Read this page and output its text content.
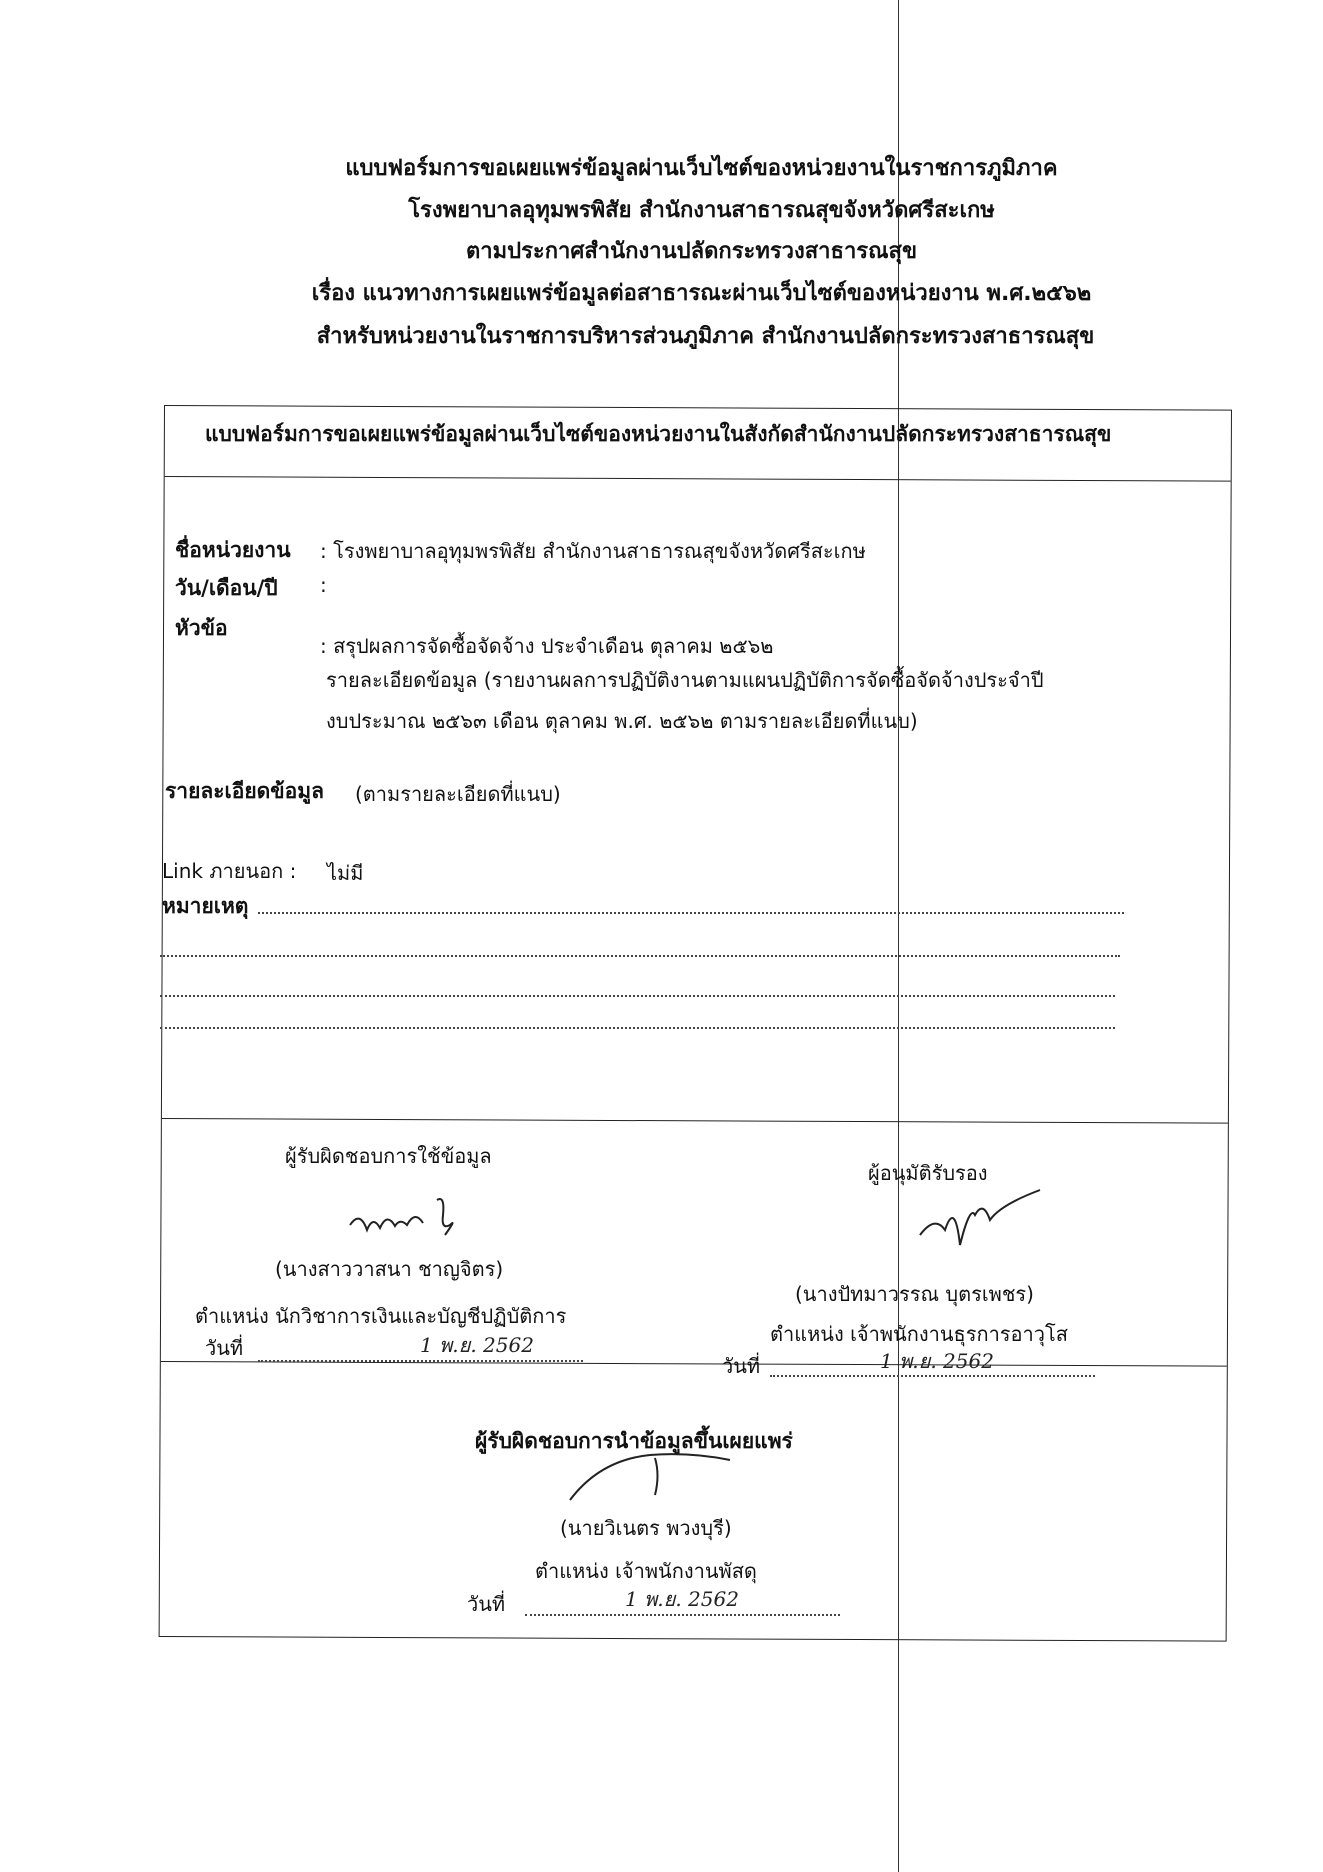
แบบฟอร์มการขอเผยแพร่ข้อมูลผ่านเว็บไซต์ของหน่วยงานในราชการภูมิภาค
โรงพยาบาลอุทุมพรพิสัย สำนักงานสาธารณสุขจังหวัดศรีสะเกษ
ตามประกาศสำนักงานปลัดกระทรวงสาธารณสุข
เรื่อง แนวทางการเผยแพร่ข้อมูลต่อสาธารณะผ่านเว็บไซต์ของหน่วยงาน พ.ศ.๒๕๖๒
สำหรับหน่วยงานในราชการบริหารส่วนภูมิภาค สำนักงานปลัดกระทรวงสาธารณสุข
แบบฟอร์มการขอเผยแพร่ข้อมูลผ่านเว็บไซต์ของหน่วยงานในสังกัดสำนักงานปลัดกระทรวงสาธารณสุข
ชื่อหน่วยงาน : โรงพยาบาลอุทุมพรพิสัย สำนักงานสาธารณสุขจังหวัดศรีสะเกษ
วัน/เดือน/ปี :
หัวข้อ
: สรุปผลการจัดซื้อจัดจ้าง ประจำเดือน ตุลาคม ๒๕๖๒
รายละเอียดข้อมูล (รายงานผลการปฏิบัติงานตามแผนปฏิบัติการจัดซื้อจัดจ้างประจำปี
งบประมาณ ๒๕๖๓ เดือน ตุลาคม พ.ศ. ๒๕๖๒ ตามรายละเอียดที่แนบ)
รายละเอียดข้อมูล (ตามรายละเอียดที่แนบ)
Link ภายนอก : ไม่มี
หมายเหตุ
ผู้รับผิดชอบการใช้ข้อมูล
(นางสาววาสนา ชาญจิตร)
ตำแหน่ง นักวิชาการเงินและบัญชีปฏิบัติการ
วันที่	1 พ.ย. 2562
ผู้อนุมัติรับรอง
(นางปัทมาวรรณ บุตรเพชร)
ตำแหน่ง เจ้าพนักงานธุรการอาวุโส
วันที่	1 พ.ย. 2562
ผู้รับผิดชอบการนำข้อมูลขึ้นเผยแพร่
(นายวิเนตร พวงบุรี)
ตำแหน่ง เจ้าพนักงานพัสดุ
วันที่	1 พ.ย. 2562
